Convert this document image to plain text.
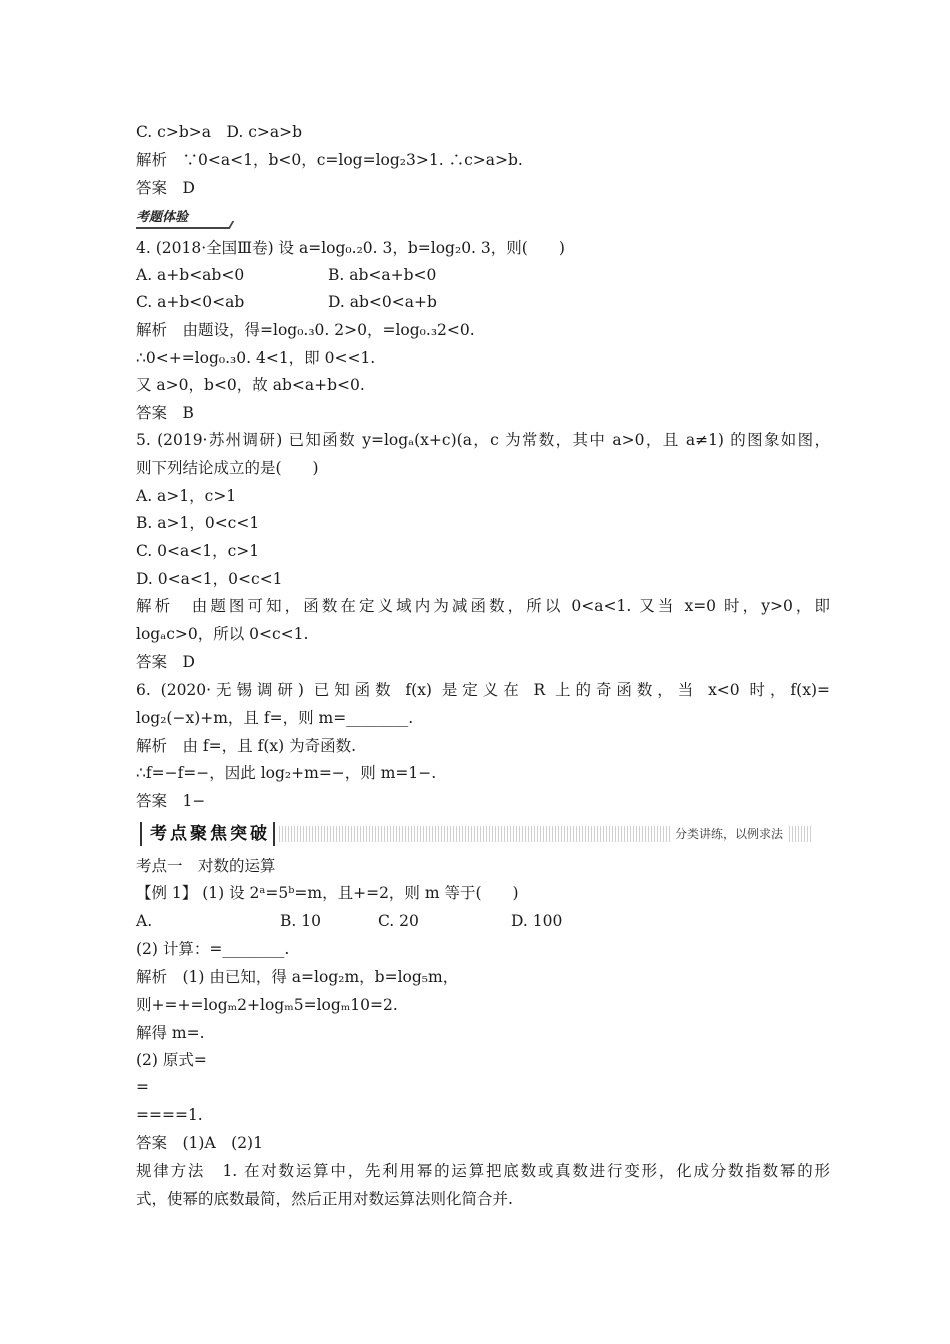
C. c>b>a　D. c>a>b
解析　∵0<a<1，b<0，c=log=log₂3>1. ∴c>a>b.
答案　D
考题体验
4. (2018·全国Ⅲ卷) 设 a=log₀.₂0. 3，b=log₂0. 3，则(　　)
A. a+b<ab<0	B. ab<a+b<0
C. a+b<0<ab	D. ab<0<a+b
解析　由题设，得=log₀.₃0. 2>0，=log₀.₃2<0.
∴0<+=log₀.₃0. 4<1，即 0<<1.
又 a>0，b<0，故 ab<a+b<0.
答案　B
5. (2019·苏州调研) 已知函数 y=logₐ(x+c)(a，c 为常数，其中 a>0，且 a≠1) 的图象如图，
则下列结论成立的是(　　)
A. a>1，c>1
B. a>1，0<c<1
C. 0<a<1，c>1
D. 0<a<1，0<c<1
解析　由题图可知，函数在定义域内为减函数，所以 0<a<1. 又当 x=0 时，y>0，即
logₐc>0，所以 0<c<1.
答案　D
6. (2020·无锡调研) 已知函数 f(x) 是定义在 R 上的奇函数，当 x<0 时，f(x)=
log₂(−x)+m，且 f=，则 m=________.
解析　由 f=，且 f(x) 为奇函数.
∴f=−f=−，因此 log₂+m=−，则 m=1−.
答案　1−
考点聚焦突破	分类讲练，以例求法
考点一　对数的运算
【例 1】 (1) 设 2ᵃ=5ᵇ=m，且+=2，则 m 等于(　　)
A.	B. 10	C. 20	D. 100
(2) 计算：=________.
解析　(1) 由已知，得 a=log₂m，b=log₅m，
则+=+=logₘ2+logₘ5=logₘ10=2.
解得 m=.
(2) 原式=
=
====1.
答案　(1)A　(2)1
规律方法　1. 在对数运算中，先利用幂的运算把底数或真数进行变形，化成分数指数幂的形
式，使幂的底数最简，然后正用对数运算法则化简合并.
